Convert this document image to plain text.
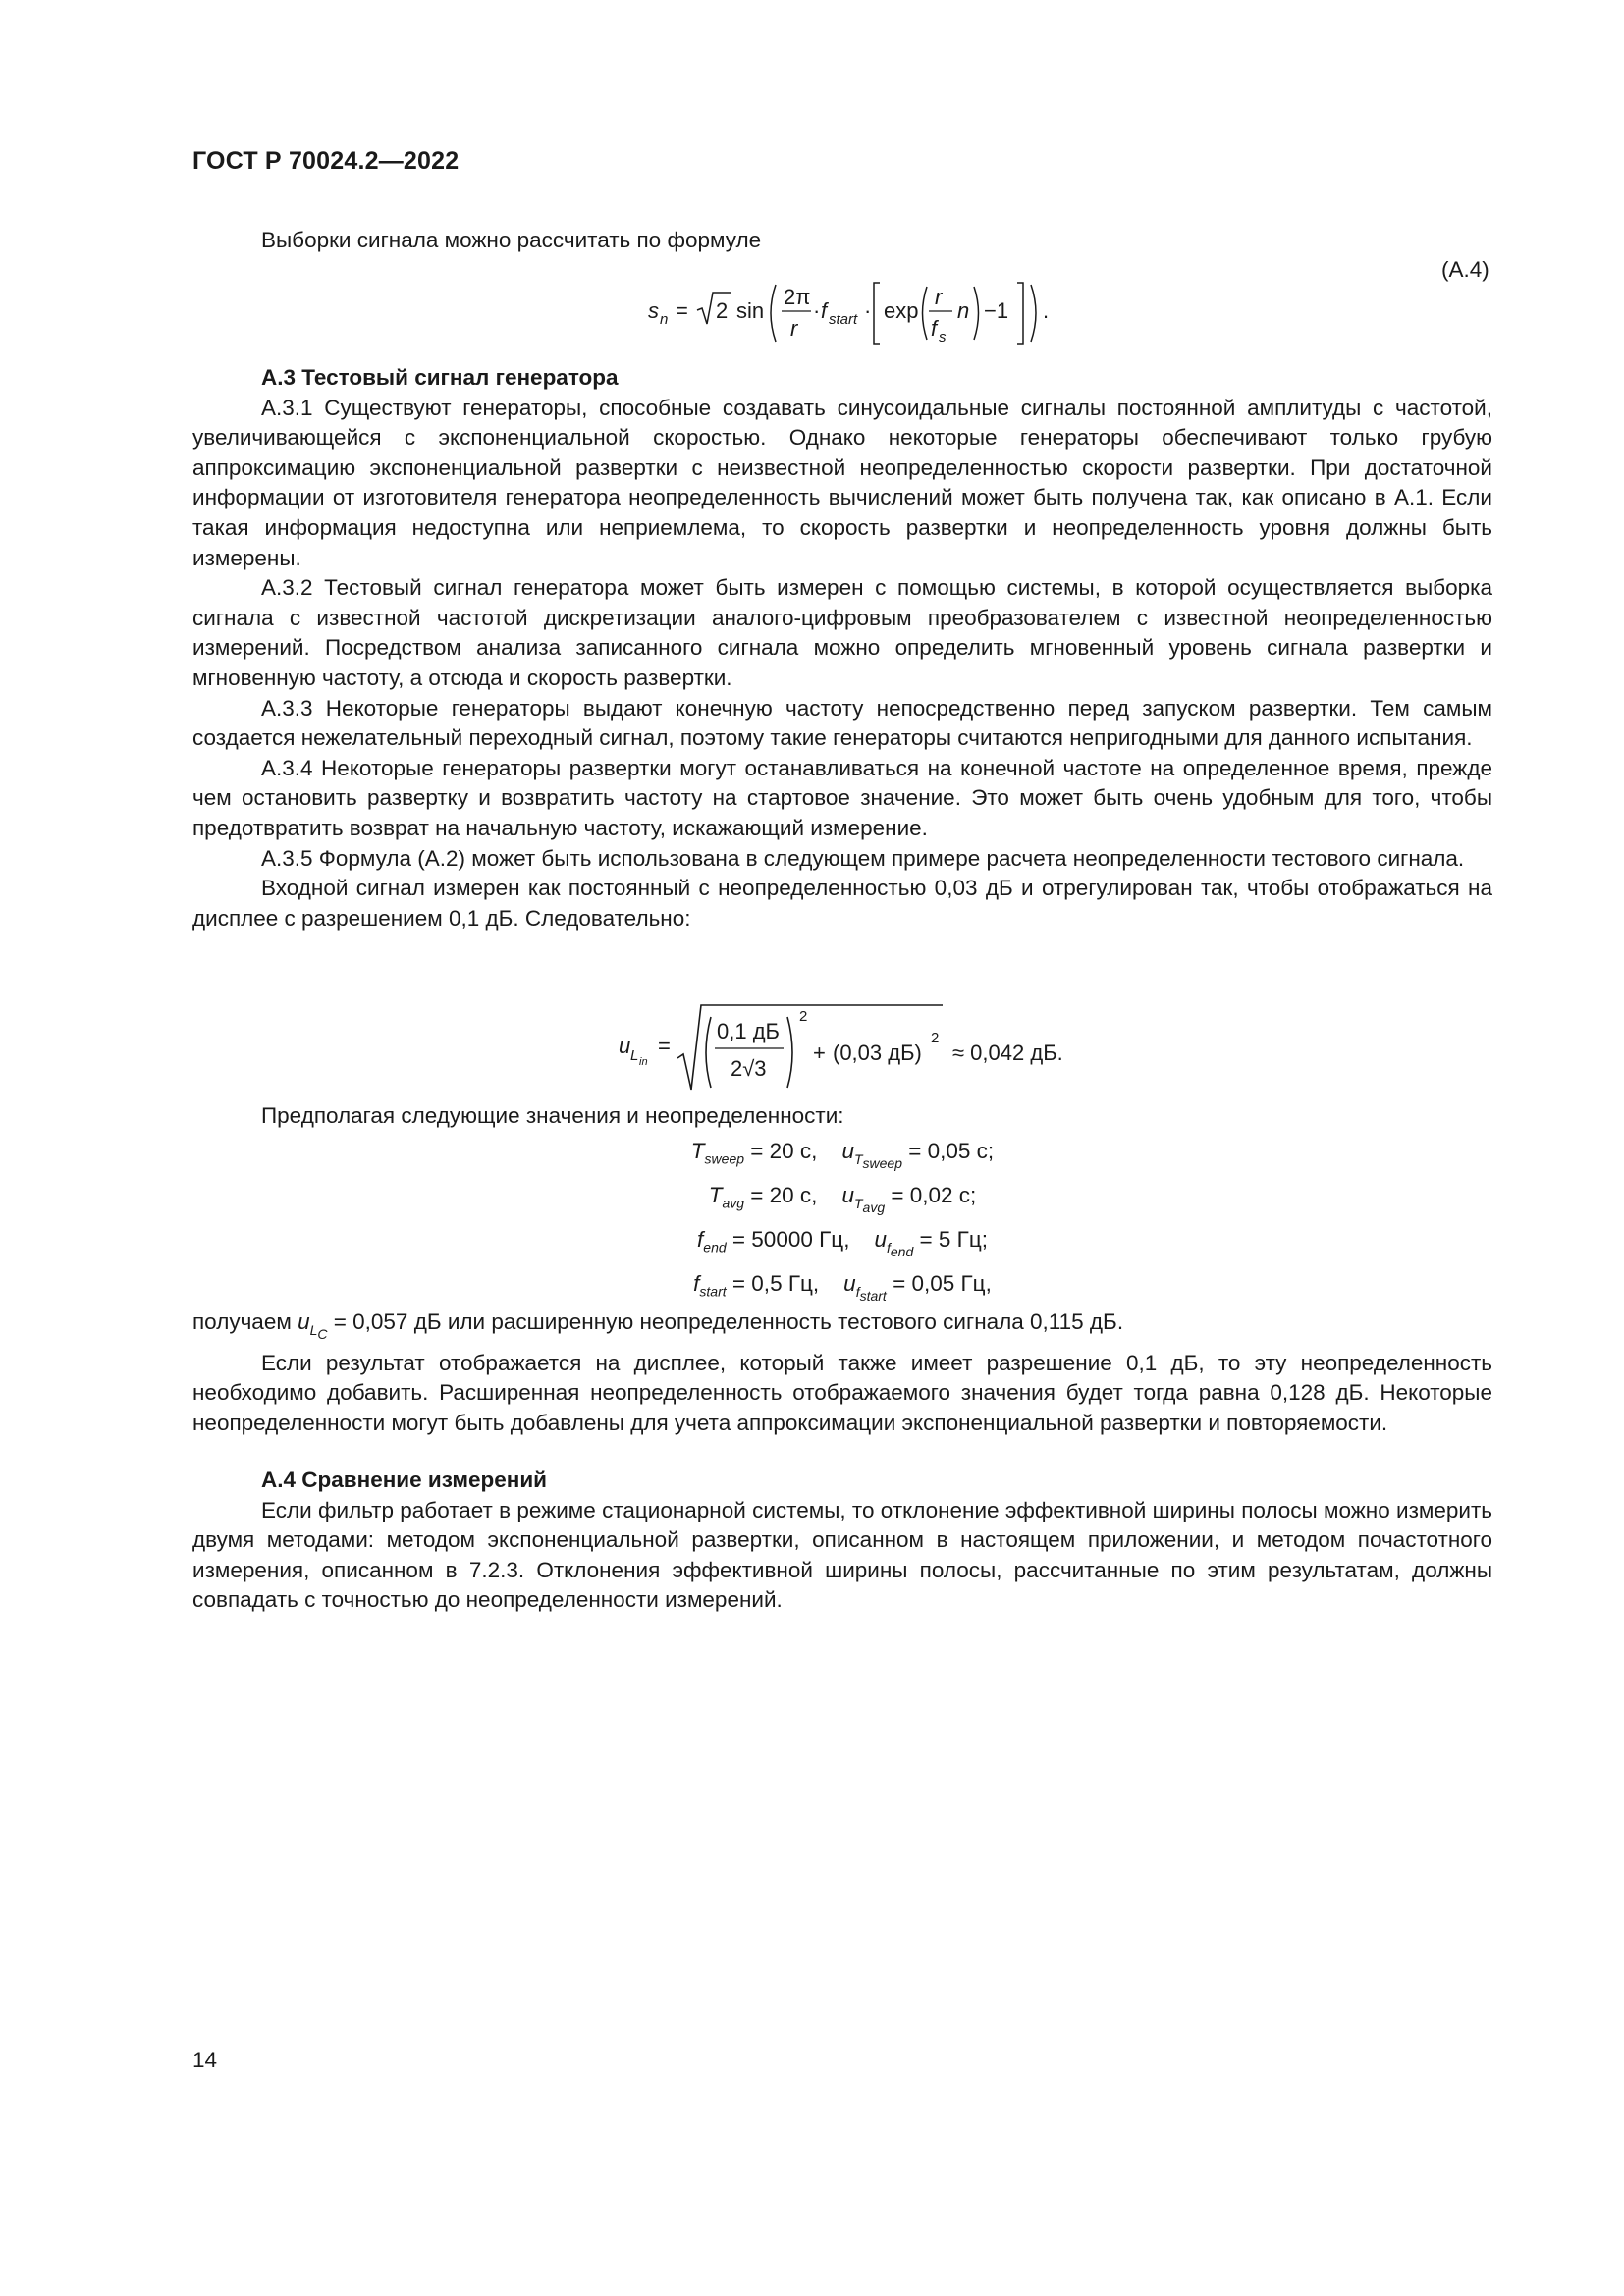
ГОСТ Р 70024.2—2022

Выборки сигнала можно рассчитать по формуле

s n = 2 sin
2π
r
· f start · exp
r
f s
n −1 .
(A.4)
А.3 Тестовый сигнал генератора

А.3.1 Существуют генераторы, способные создавать синусоидальные сигналы постоянной амплитуды с частотой, увеличивающейся с экспоненциальной скоростью. Однако некоторые генераторы обеспечивают только грубую аппроксимацию экспоненциальной развертки с неизвестной неопределенностью скорости развертки. При достаточной информации от изготовителя генератора неопределенность вычислений может быть получена так, как описано в А.1. Если такая информация недоступна или неприемлема, то скорость развертки и неопределенность уровня должны быть измерены.

А.3.2 Тестовый сигнал генератора может быть измерен с помощью системы, в которой осуществляется выборка сигнала с известной частотой дискретизации аналого-цифровым преобразователем с известной неопределенностью измерений. Посредством анализа записанного сигнала можно определить мгновенный уровень сигнала развертки и мгновенную частоту, а отсюда и скорость развертки.

А.3.3 Некоторые генераторы выдают конечную частоту непосредственно перед запуском развертки. Тем самым создается нежелательный переходный сигнал, поэтому такие генераторы считаются непригодными для данного испытания.

А.3.4 Некоторые генераторы развертки могут останавливаться на конечной частоте на определенное время, прежде чем остановить развертку и возвратить частоту на стартовое значение. Это может быть очень удобным для того, чтобы предотвратить возврат на начальную частоту, искажающий измерение.

А.3.5 Формула (А.2) может быть использована в следующем примере расчета неопределенности тестового сигнала.

Входной сигнал измерен как постоянный с неопределенностью 0,03 дБ и отрегулирован так, чтобы отображаться на дисплее с разрешением 0,1 дБ. Следовательно:

u L in
=
0,1 дБ
2√3
2
+ (0,03 дБ)
2
≈ 0,042 дБ.

Предполагая следующие значения и неопределенности:

$T_{sweep} = 20$ с, $u_{T_{sweep}} = 0,05$ с;
$T_{avg} = 20$ с, $u_{T_{avg}} = 0,02$ с;
$f_{end} = 50000$ Гц, $u_{f_{end}} = 5$ Гц;
$f_{start} = 0,5$ Гц, $u_{f_{start}} = 0,05$ Гц,

получаем $u_{L_C} = 0,057$ дБ или расширенную неопределенность тестового сигнала 0,115 дБ.

Если результат отображается на дисплее, который также имеет разрешение 0,1 дБ, то эту неопределенность необходимо добавить. Расширенная неопределенность отображаемого значения будет тогда равна 0,128 дБ. Некоторые неопределенности могут быть добавлены для учета аппроксимации экспоненциальной развертки и повторяемости.

А.4 Сравнение измерений

Если фильтр работает в режиме стационарной системы, то отклонение эффективной ширины полосы можно измерить двумя методами: методом экспоненциальной развертки, описанном в настоящем приложении, и методом почастотного измерения, описанном в 7.2.3. Отклонения эффективной ширины полосы, рассчитанные по этим результатам, должны совпадать с точностью до неопределенности измерений.

14
